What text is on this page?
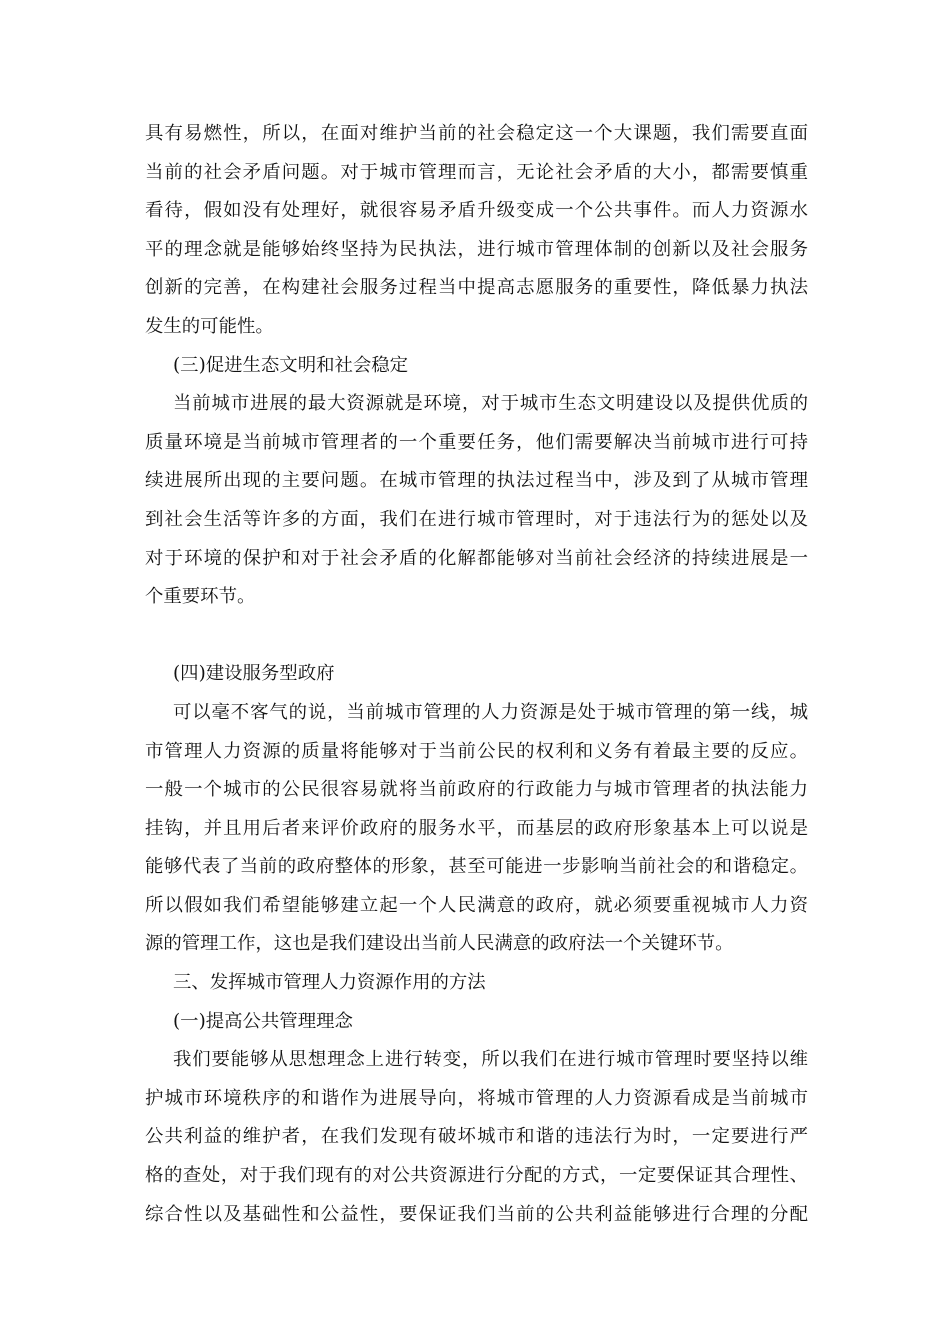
具有易燃性，所以，在面对维护当前的社会稳定这一个大课题，我们需要直面
当前的社会矛盾问题。对于城市管理而言，无论社会矛盾的大小，都需要慎重
看待，假如没有处理好，就很容易矛盾升级变成一个公共事件。而人力资源水
平的理念就是能够始终坚持为民执法，进行城市管理体制的创新以及社会服务
创新的完善，在构建社会服务过程当中提高志愿服务的重要性，降低暴力执法
发生的可能性。
(三)促进生态文明和社会稳定
当前城市进展的最大资源就是环境，对于城市生态文明建设以及提供优质的
质量环境是当前城市管理者的一个重要任务，他们需要解决当前城市进行可持
续进展所出现的主要问题。在城市管理的执法过程当中，涉及到了从城市管理
到社会生活等许多的方面，我们在进行城市管理时，对于违法行为的惩处以及
对于环境的保护和对于社会矛盾的化解都能够对当前社会经济的持续进展是一
个重要环节。
(四)建设服务型政府
可以毫不客气的说，当前城市管理的人力资源是处于城市管理的第一线，城
市管理人力资源的质量将能够对于当前公民的权利和义务有着最主要的反应。
一般一个城市的公民很容易就将当前政府的行政能力与城市管理者的执法能力
挂钩，并且用后者来评价政府的服务水平，而基层的政府形象基本上可以说是
能够代表了当前的政府整体的形象，甚至可能进一步影响当前社会的和谐稳定。
所以假如我们希望能够建立起一个人民满意的政府，就必须要重视城市人力资
源的管理工作，这也是我们建设出当前人民满意的政府法一个关键环节。
三、发挥城市管理人力资源作用的方法
(一)提高公共管理理念
我们要能够从思想理念上进行转变，所以我们在进行城市管理时要坚持以维
护城市环境秩序的和谐作为进展导向，将城市管理的人力资源看成是当前城市
公共利益的维护者，在我们发现有破坏城市和谐的违法行为时，一定要进行严
格的查处，对于我们现有的对公共资源进行分配的方式，一定要保证其合理性、
综合性以及基础性和公益性，要保证我们当前的公共利益能够进行合理的分配
